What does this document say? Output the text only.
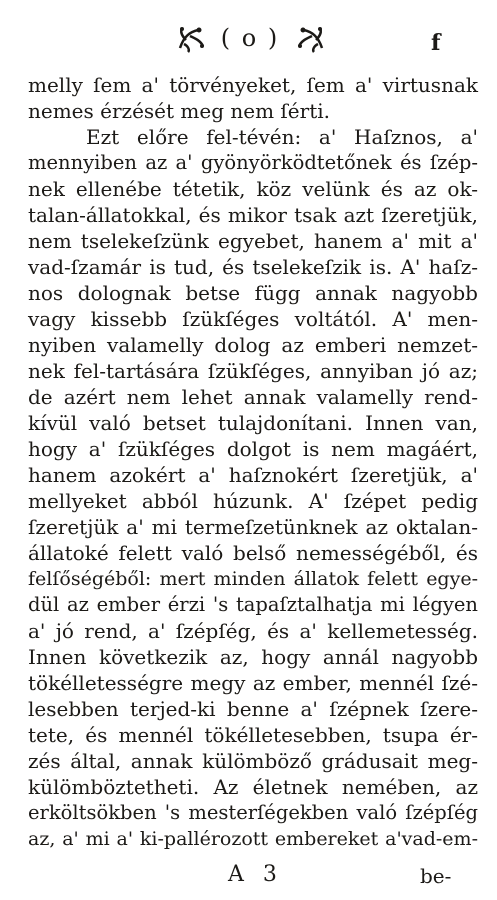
( o )	f
melly ſem a' törvényeket, ſem a' virtusnak
nemes érzését meg nem ſérti.
Ezt előre fel-tévén: a' Haſznos, a'
mennyiben az a' gyönyörködtetőnek és ſzép-
nek ellenébe tétetik, köz velünk és az ok-
talan-állatokkal, és mikor tsak azt ſzeretjük,
nem tselekeſzünk egyebet, hanem a' mit a'
vad-ſzamár is tud, és tselekeſzik is. A' haſz-
nos dolognak betse függ annak nagyobb
vagy kissebb ſzükſéges voltától. A' men-
nyiben valamelly dolog az emberi nemzet-
nek fel-tartására ſzükſéges, annyiban jó az;
de azért nem lehet annak valamelly rend-
kívül való betset tulajdonítani. Innen van,
hogy a' ſzükſéges dolgot is nem magáért,
hanem azokért a' haſznokért ſzeretjük, a'
mellyeket abból húzunk. A' ſzépet pedig
ſzeretjük a' mi termeſzetünknek az oktalan-
állatoké felett való belső nemességéből, és
felſőségéből: mert minden állatok felett egye-
dül az ember érzi 's tapaſztalhatja mi légyen
a' jó rend, a' ſzépſég, és a' kellemetesség.
Innen következik az, hogy annál nagyobb
tökélletességre megy az ember, mennél ſzé-
lesebben terjed-ki benne a' ſzépnek ſzere-
tete, és mennél tökélletesebben, tsupa ér-
zés által, annak külömböző grádusait meg-
külömböztetheti. Az életnek nemében, az
erköltsökben 's mesterſégekben való ſzépſég
az, a' mi a' ki-pallérozott embereket a'vad-em-
A 3	be-
